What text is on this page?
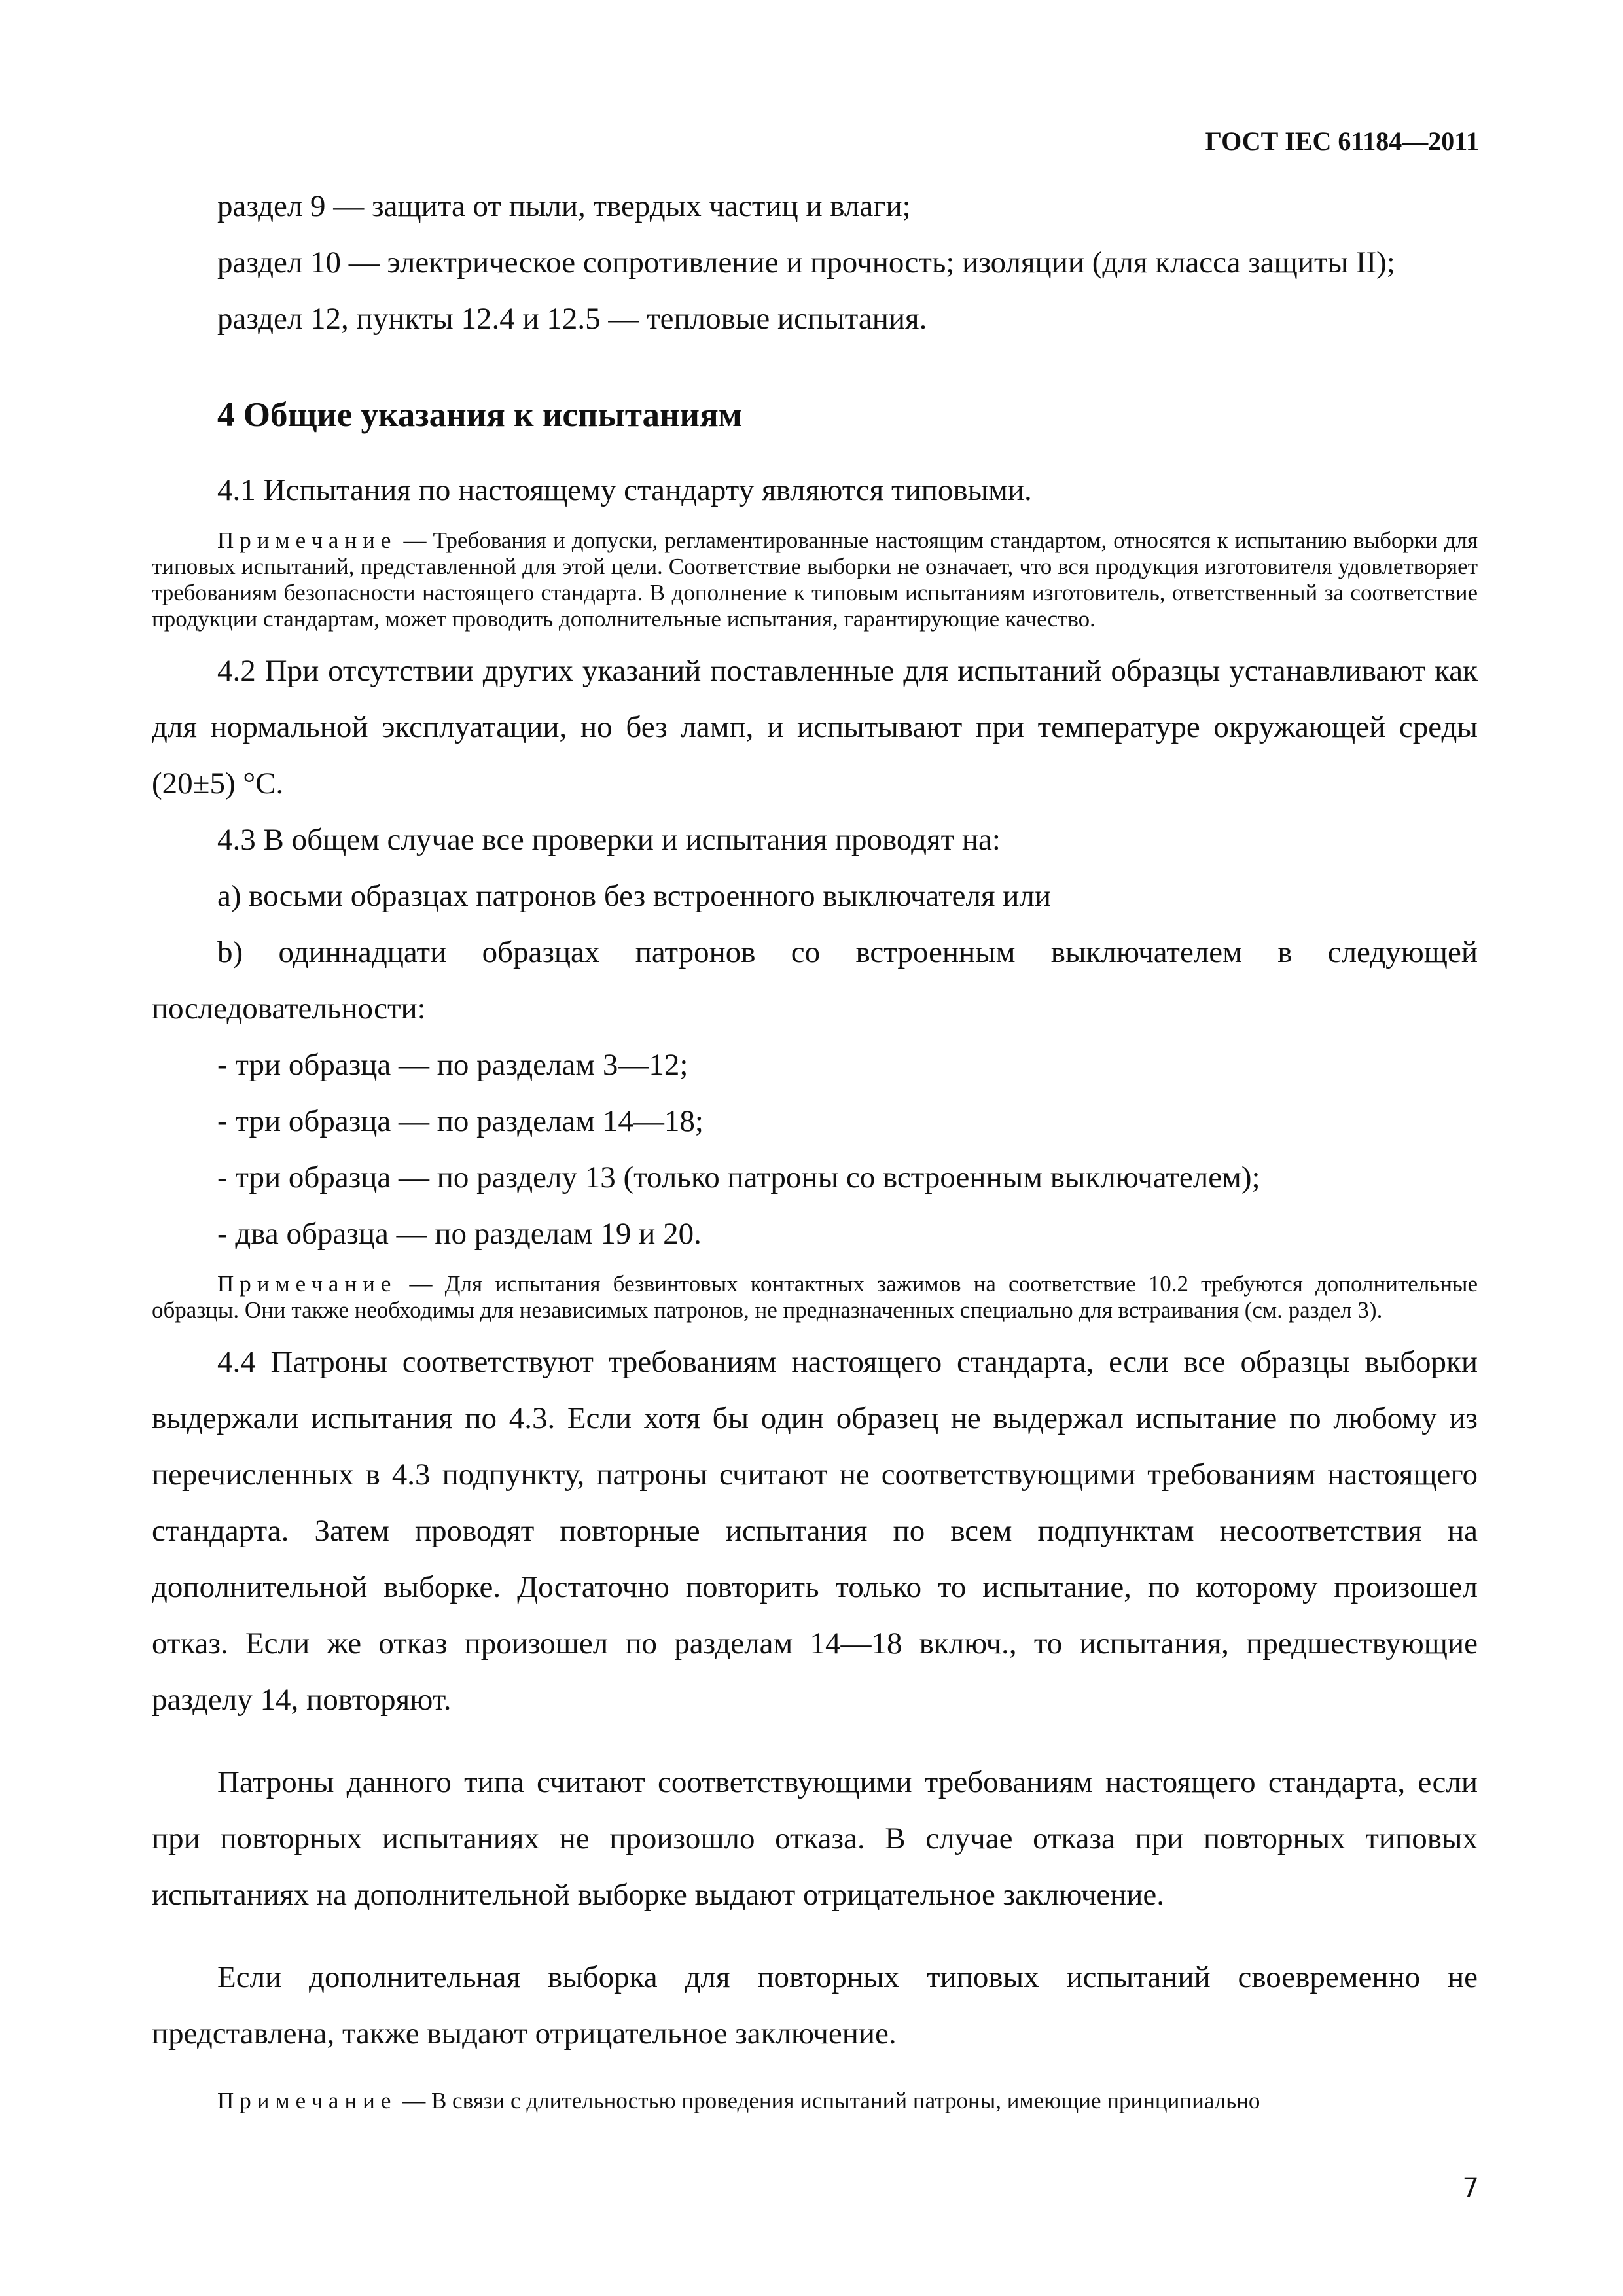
ГОСТ IEC 61184—2011

раздел 9 — защита от пыли, твердых частиц и влаги;

раздел 10 — электрическое сопротивление и прочность; изоляции (для класса защиты II);

раздел 12, пункты 12.4 и 12.5 — тепловые испытания.

4 Общие указания к испытаниям

4.1 Испытания по настоящему стандарту являются типовыми.

Примечание — Требования и допуски, регламентированные настоящим стандартом, относятся к испытанию выборки для типовых испытаний, представленной для этой цели. Соответствие выборки не означает, что вся продукция изготовителя удовлетворяет требованиям безопасности настоящего стандарта. В дополнение к типовым испытаниям изготовитель, ответственный за соответствие продукции стандартам, может проводить дополнительные испытания, гарантирующие качество.

4.2 При отсутствии других указаний поставленные для испытаний образцы устанавливают как для нормальной эксплуатации, но без ламп, и испытывают при температуре окружающей среды (20±5) °C.

4.3 В общем случае все проверки и испытания проводят на:

a) восьми образцах патронов без встроенного выключателя или

b) одиннадцати образцах патронов со встроенным выключателем в следующей последовательности:

- три образца — по разделам 3—12;

- три образца — по разделам 14—18;

- три образца — по разделу 13 (только патроны со встроенным выключателем);

- два образца — по разделам 19 и 20.

Примечание — Для испытания безвинтовых контактных зажимов на соответствие 10.2 требуются дополнительные образцы. Они также необходимы для независимых патронов, не предназначенных специально для встраивания (см. раздел 3).

4.4 Патроны соответствуют требованиям настоящего стандарта, если все образцы выборки выдержали испытания по 4.3. Если хотя бы один образец не выдержал испытание по любому из перечисленных в 4.3 подпункту, патроны считают не соответствующими требованиям настоящего стандарта. Затем проводят повторные испытания по всем подпунктам несоответствия на дополнительной выборке. Достаточно повторить только то испытание, по которому произошел отказ. Если же отказ произошел по разделам 14—18 включ., то испытания, предшествующие разделу 14, повторяют.

Патроны данного типа считают соответствующими требованиям настоящего стандарта, если при повторных испытаниях не произошло отказа. В случае отказа при повторных типовых испытаниях на дополнительной выборке выдают отрицательное заключение.

Если дополнительная выборка для повторных типовых испытаний своевременно не представлена, также выдают отрицательное заключение.

Примечание — В связи с длительностью проведения испытаний патроны, имеющие принципиально

7
